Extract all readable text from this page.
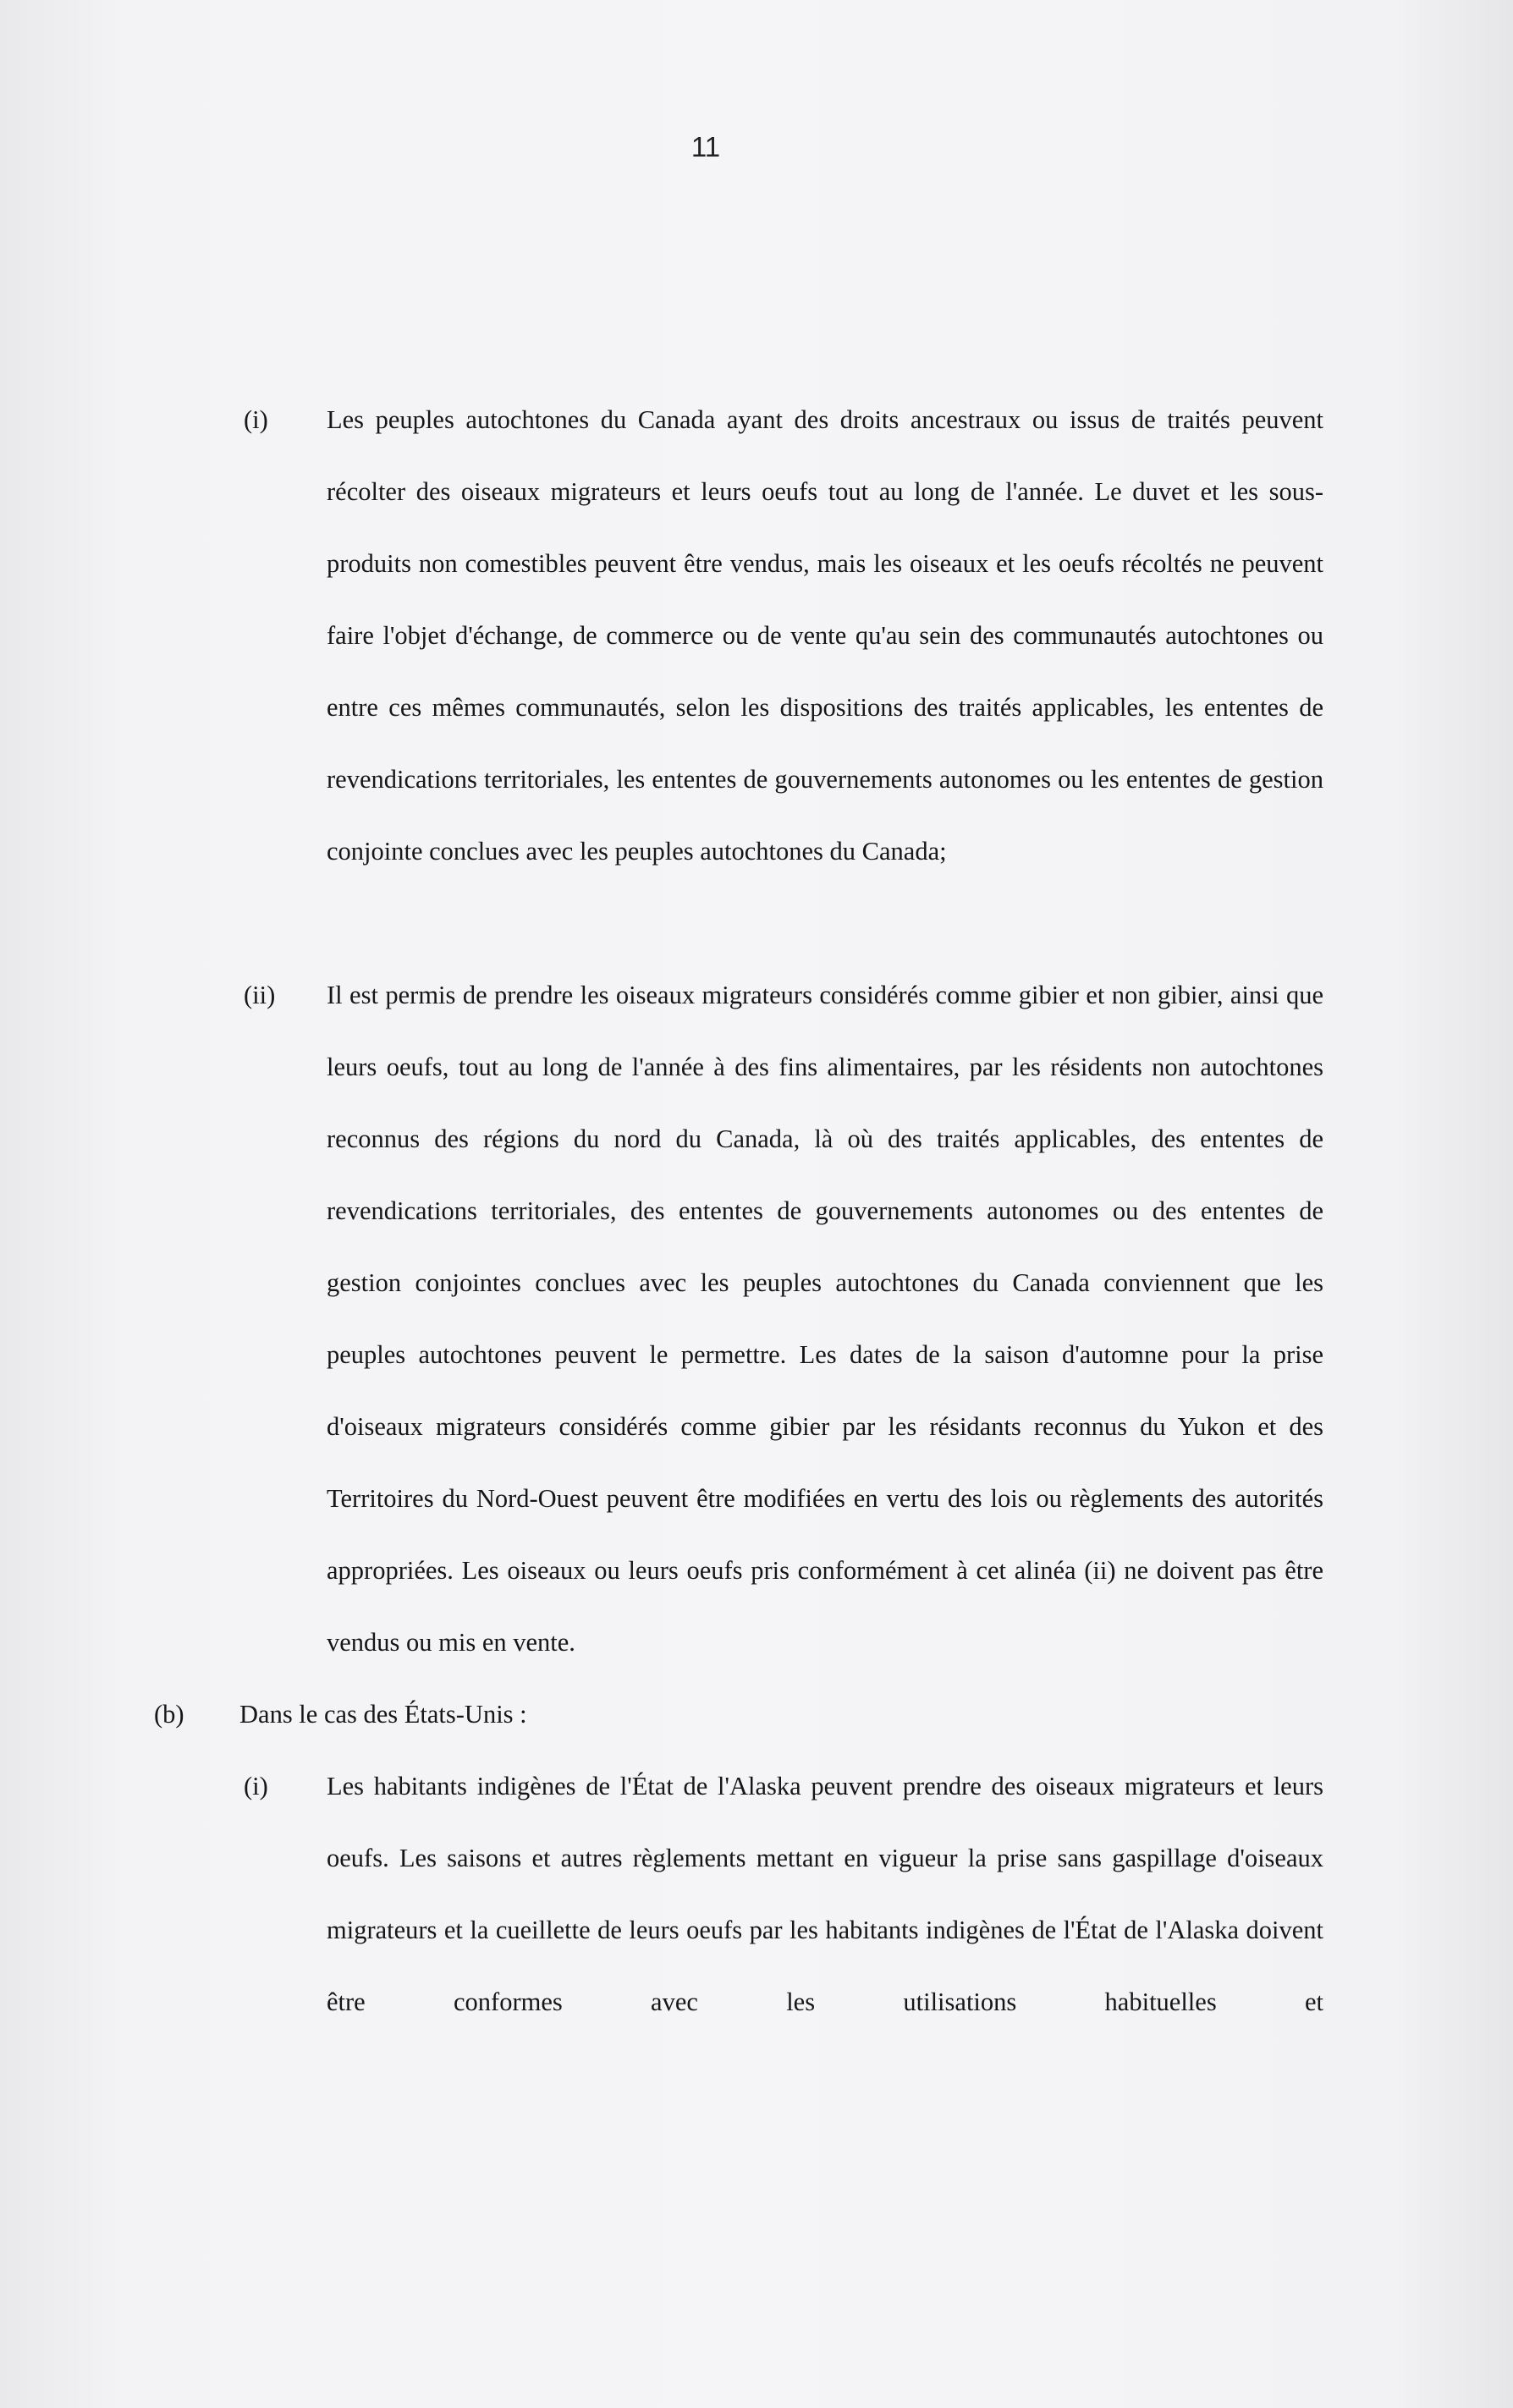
11
(i) Les peuples autochtones du Canada ayant des droits ancestraux ou issus de traités peuvent récolter des oiseaux migrateurs et leurs oeufs tout au long de l'année. Le duvet et les sous-produits non comestibles peuvent être vendus, mais les oiseaux et les oeufs récoltés ne peuvent faire l'objet d'échange, de commerce ou de vente qu'au sein des communautés autochtones ou entre ces mêmes communautés, selon les dispositions des traités applicables, les ententes de revendications territoriales, les ententes de gouvernements autonomes ou les ententes de gestion conjointe conclues avec les peuples autochtones du Canada;
(ii) Il est permis de prendre les oiseaux migrateurs considérés comme gibier et non gibier, ainsi que leurs oeufs, tout au long de l'année à des fins alimentaires, par les résidents non autochtones reconnus des régions du nord du Canada, là où des traités applicables, des ententes de revendications territoriales, des ententes de gouvernements autonomes ou des ententes de gestion conjointes conclues avec les peuples autochtones du Canada conviennent que les peuples autochtones peuvent le permettre. Les dates de la saison d'automne pour la prise d'oiseaux migrateurs considérés comme gibier par les résidants reconnus du Yukon et des Territoires du Nord-Ouest peuvent être modifiées en vertu des lois ou règlements des autorités appropriées. Les oiseaux ou leurs oeufs pris conformément à cet alinéa (ii) ne doivent pas être vendus ou mis en vente.
(b) Dans le cas des États-Unis :
(i) Les habitants indigènes de l'État de l'Alaska peuvent prendre des oiseaux migrateurs et leurs oeufs. Les saisons et autres règlements mettant en vigueur la prise sans gaspillage d'oiseaux migrateurs et la cueillette de leurs oeufs par les habitants indigènes de l'État de l'Alaska doivent être conformes avec les utilisations habituelles et
